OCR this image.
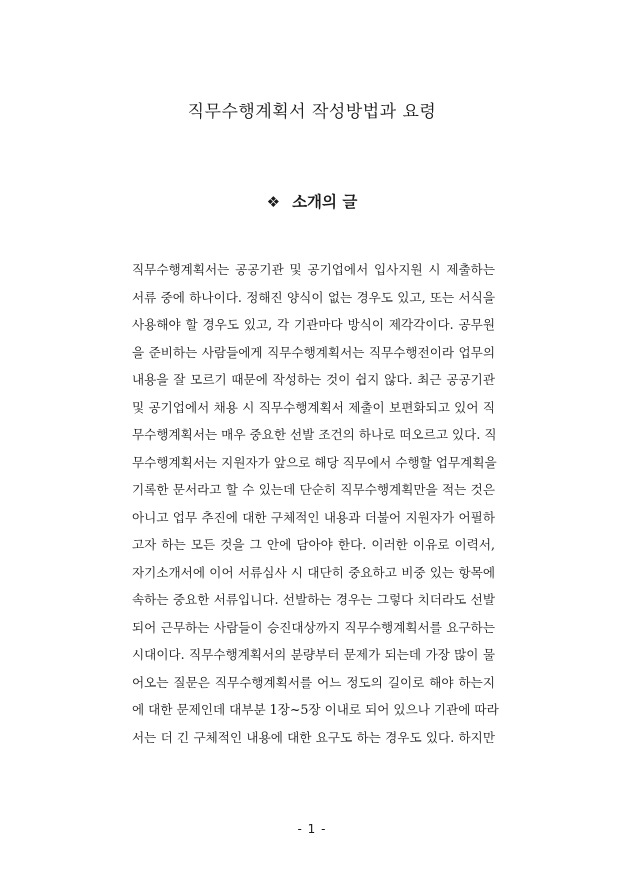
직무수행계획서 작성방법과 요령
❖ 소개의 글
직무수행계획서는 공공기관 및 공기업에서 입사지원 시 제출하는
서류 중에 하나이다. 정해진 양식이 없는 경우도 있고, 또는 서식을
사용해야 할 경우도 있고, 각 기관마다 방식이 제각각이다. 공무원
을 준비하는 사람들에게 직무수행계획서는 직무수행전이라 업무의
내용을 잘 모르기 때문에 작성하는 것이 쉽지 않다. 최근 공공기관
및 공기업에서 채용 시 직무수행계획서 제출이 보편화되고 있어 직
무수행계획서는 매우 중요한 선발 조건의 하나로 떠오르고 있다. 직
무수행계획서는 지원자가 앞으로 해당 직무에서 수행할 업무계획을
기록한 문서라고 할 수 있는데 단순히 직무수행계획만을 적는 것은
아니고 업무 추진에 대한 구체적인 내용과 더불어 지원자가 어필하
고자 하는 모든 것을 그 안에 담아야 한다. 이러한 이유로 이력서,
자기소개서에 이어 서류심사 시 대단히 중요하고 비중 있는 항목에
속하는 중요한 서류입니다. 선발하는 경우는 그렇다 치더라도 선발
되어 근무하는 사람들이 승진대상까지 직무수행계획서를 요구하는
시대이다. 직무수행계획서의 분량부터 문제가 되는데 가장 많이 물
어오는 질문은 직무수행계획서를 어느 정도의 길이로 해야 하는지
에 대한 문제인데 대부분 1장~5장 이내로 되어 있으나 기관에 따라
서는 더 긴 구체적인 내용에 대한 요구도 하는 경우도 있다. 하지만
- 1 -
